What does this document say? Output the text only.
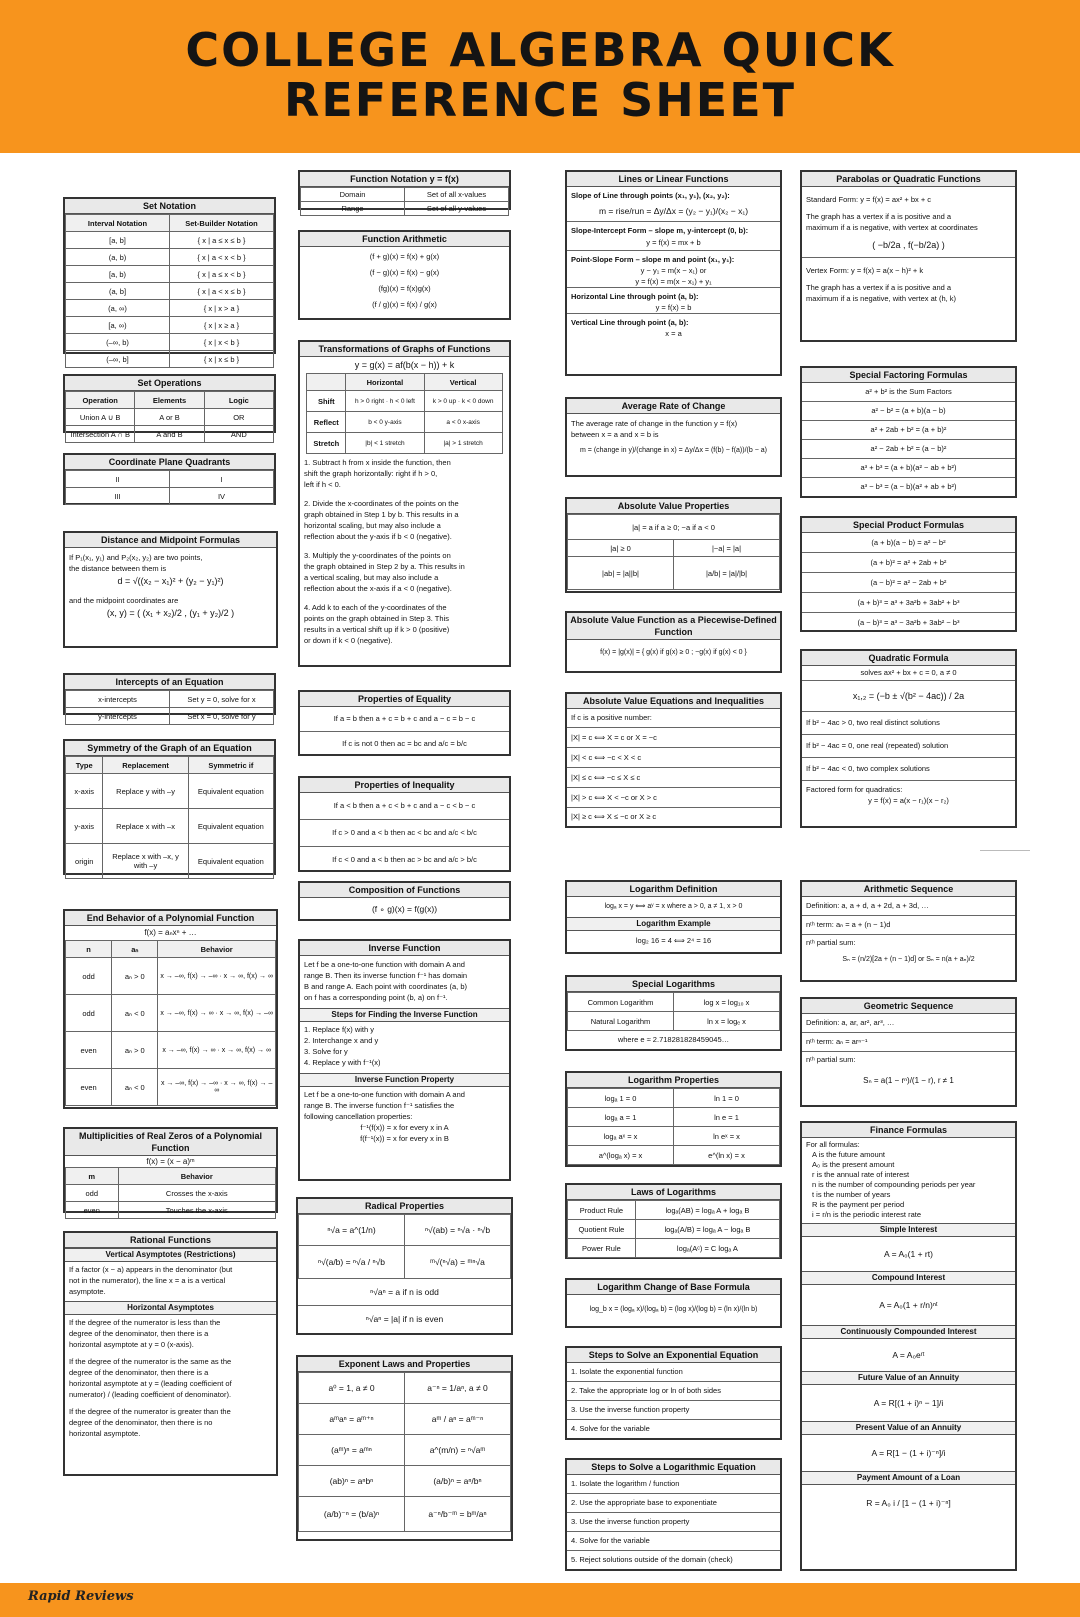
COLLEGE ALGEBRA QUICK
REFERENCE SHEET
Set Notation
Interval Notation	Set-Builder Notation
[a, b]	{ x | a ≤ x ≤ b }
(a, b)	{ x | a < x < b }
[a, b)	{ x | a ≤ x < b }
(a, b]	{ x | a < x ≤ b }
(a, ∞)	{ x | x > a }
[a, ∞)	{ x | x ≥ a }
(–∞, b)	{ x | x < b }
(–∞, b]	{ x | x ≤ b }
Set Operations
Operation	Elements	Logic
Union A ∪ B	A or B	OR
Intersection A ∩ B	A and B	AND
Coordinate Plane Quadrants
II	I
III	IV
Distance and Midpoint Formulas
If P₁(x₁, y₁) and P₂(x₂, y₂) are two points,
the distance between them is
d = √((x₂ − x₁)² + (y₂ − y₁)²)
and the midpoint coordinates are
(x, y) = ( (x₁ + x₂)/2 , (y₁ + y₂)/2 )
Intercepts of an Equation
x-intercepts	Set y = 0, solve for x
y-intercepts	Set x = 0, solve for y
Symmetry of the Graph of an Equation
Type	Replacement	Symmetric if
x-axis	Replace y with –y	Equivalent equation
y-axis	Replace x with –x	Equivalent equation
origin	Replace x with –x, y with –y	Equivalent equation
End Behavior of a Polynomial Function
f(x) = aₙxⁿ + …
n	aₙ	Behavior
odd	aₙ > 0	x → –∞, f(x) → –∞ · x → ∞, f(x) → ∞
odd	aₙ < 0	x → –∞, f(x) → ∞ · x → ∞, f(x) → –∞
even	aₙ > 0	x → –∞, f(x) → ∞ · x → ∞, f(x) → ∞
even	aₙ < 0	x → –∞, f(x) → –∞ · x → ∞, f(x) → –∞
Multiplicities of Real Zeros of a Polynomial Function
f(x) = (x − a)ᵐ
m	Behavior
odd	Crosses the x-axis
even	Touches the x-axis
Rational Functions
Vertical Asymptotes (Restrictions)
If a factor (x − a) appears in the denominator (but
not in the numerator), the line x = a is a vertical
asymptote.
Horizontal Asymptotes
If the degree of the numerator is less than the
degree of the denominator, then there is a
horizontal asymptote at y = 0 (x-axis).
If the degree of the numerator is the same as the
degree of the denominator, then there is a
horizontal asymptote at y = (leading coefficient of
numerator) / (leading coefficient of denominator).
If the degree of the numerator is greater than the
degree of the denominator, then there is no
horizontal asymptote.
Function Notation y = f(x)
Domain	Set of all x-values
Range	Set of all y-values
Function Arithmetic
(f + g)(x) = f(x) + g(x)
(f − g)(x) = f(x) − g(x)
(fg)(x) = f(x)g(x)
(f / g)(x) = f(x) / g(x)
Transformations of Graphs of Functions
y = g(x) = af(b(x − h)) + k
	Horizontal	Vertical
Shift	h > 0 right · h < 0 left	k > 0 up · k < 0 down
Reflect	b < 0 y-axis	a < 0 x-axis
Stretch	|b| < 1 stretch	|a| > 1 stretch
1. Subtract h from x inside the function, then
shift the graph horizontally: right if h > 0,
left if h < 0.
2. Divide the x-coordinates of the points on the
graph obtained in Step 1 by b. This results in a
horizontal scaling, but may also include a
reflection about the y-axis if b < 0 (negative).
3. Multiply the y-coordinates of the points on
the graph obtained in Step 2 by a. This results in
a vertical scaling, but may also include a
reflection about the x-axis if a < 0 (negative).
4. Add k to each of the y-coordinates of the
points on the graph obtained in Step 3. This
results in a vertical shift up if k > 0 (positive)
or down if k < 0 (negative).
Properties of Equality
If a = b then a + c = b + c and a − c = b − c
If c is not 0 then ac = bc and a/c = b/c
Properties of Inequality
If a < b then a + c < b + c and a − c < b − c
If c > 0 and a < b then ac < bc and a/c < b/c
If c < 0 and a < b then ac > bc and a/c > b/c
Composition of Functions
(f ∘ g)(x) = f(g(x))
Inverse Function
Let f be a one-to-one function with domain A and
range B. Then its inverse function f⁻¹ has domain
B and range A. Each point with coordinates (a, b)
on f has a corresponding point (b, a) on f⁻¹.
Steps for Finding the Inverse Function
1. Replace f(x) with y
2. Interchange x and y
3. Solve for y
4. Replace y with f⁻¹(x)
Inverse Function Property
Let f be a one-to-one function with domain A and
range B. The inverse function f⁻¹ satisfies the
following cancellation properties:
f⁻¹(f(x)) = x for every x in A
f(f⁻¹(x)) = x for every x in B
Radical Properties
ⁿ√a = a^(1/n)	ⁿ√(ab) = ⁿ√a · ⁿ√b
ⁿ√(a/b) = ⁿ√a / ⁿ√b	ᵐ√(ⁿ√a) = ᵐⁿ√a
ⁿ√aⁿ = a if n is odd
ⁿ√aⁿ = |a| if n is even
Exponent Laws and Properties
a⁰ = 1, a ≠ 0	a⁻ⁿ = 1/aⁿ, a ≠ 0
aᵐaⁿ = aᵐ⁺ⁿ	aᵐ / aⁿ = aᵐ⁻ⁿ
(aᵐ)ⁿ = aᵐⁿ	a^(m/n) = ⁿ√aᵐ
(ab)ⁿ = aⁿbⁿ	(a/b)ⁿ = aⁿ/bⁿ
(a/b)⁻ⁿ = (b/a)ⁿ	a⁻ⁿ/b⁻ᵐ = bᵐ/aⁿ
Lines or Linear Functions
Slope of Line through points (x₁, y₁), (x₂, y₂):
m = rise/run = Δy/Δx = (y₂ − y₁)/(x₂ − x₁)
Slope-Intercept Form – slope m, y-intercept (0, b):
y = f(x) = mx + b
Point-Slope Form – slope m and point (x₁, y₁):
y − y₁ = m(x − x₁) or
y = f(x) = m(x − x₁) + y₁
Horizontal Line through point (a, b):
y = f(x) = b
Vertical Line through point (a, b):
x = a
Average Rate of Change
The average rate of change in the function y = f(x)
between x = a and x = b is
m = (change in y)/(change in x) = Δy/Δx = (f(b) − f(a))/(b − a)
Absolute Value Properties
|a| = a if a ≥ 0; −a if a < 0	
|a| ≥ 0	|−a| = |a|
|ab| = |a||b|	|a/b| = |a|/|b|
Absolute Value Function as a Piecewise-Defined Function
f(x) = |g(x)| = { g(x) if g(x) ≥ 0 ; −g(x) if g(x) < 0 }
Absolute Value Equations and Inequalities
If c is a positive number:
|X| = c ⟺ X = c or X = −c
|X| < c ⟺ −c < X < c
|X| ≤ c ⟺ −c ≤ X ≤ c
|X| > c ⟺ X < −c or X > c
|X| ≥ c ⟺ X ≤ −c or X ≥ c
Logarithm Definition
logₐ x = y ⟺ aʸ = x where a > 0, a ≠ 1, x > 0
Logarithm Example
log₂ 16 = 4 ⟺ 2⁴ = 16
Special Logarithms
Common Logarithm	log x = log₁₀ x
Natural Logarithm	ln x = logₑ x
where e ≈ 2.718281828459045…
Logarithm Properties
logₐ 1 = 0	ln 1 = 0
logₐ a = 1	ln e = 1
logₐ aˣ = x	ln eˣ = x
a^(logₐ x) = x	e^(ln x) = x
Laws of Logarithms
Product Rule	logₐ(AB) = logₐ A + logₐ B
Quotient Rule	logₐ(A/B) = logₐ A − logₐ B
Power Rule	logₐ(Aᶜ) = C logₐ A
Logarithm Change of Base Formula
log_b x = (logₐ x)/(logₐ b) = (log x)/(log b) = (ln x)/(ln b)
Steps to Solve an Exponential Equation
1. Isolate the exponential function
2. Take the appropriate log or ln of both sides
3. Use the inverse function property
4. Solve for the variable
Steps to Solve a Logarithmic Equation
1. Isolate the logarithm / function
2. Use the appropriate base to exponentiate
3. Use the inverse function property
4. Solve for the variable
5. Reject solutions outside of the domain (check)
Parabolas or Quadratic Functions
Standard Form: y = f(x) = ax² + bx + c
The graph has a vertex if a is positive and a
maximum if a is negative, with vertex at coordinates
( −b/2a , f(−b/2a) )
Vertex Form: y = f(x) = a(x − h)² + k
The graph has a vertex if a is positive and a
maximum if a is negative, with vertex at (h, k)
Special Factoring Formulas
a² + b² is the Sum Factors
a² − b² = (a + b)(a − b)
a² + 2ab + b² = (a + b)²
a² − 2ab + b² = (a − b)²
a³ + b³ = (a + b)(a² − ab + b²)
a³ − b³ = (a − b)(a² + ab + b²)
Special Product Formulas
(a + b)(a − b) = a² − b²
(a + b)² = a² + 2ab + b²
(a − b)² = a² − 2ab + b²
(a + b)³ = a³ + 3a²b + 3ab² + b³
(a − b)³ = a³ − 3a²b + 3ab² − b³
Quadratic Formula
solves ax² + bx + c = 0, a ≠ 0
x₁,₂ = (−b ± √(b² − 4ac)) / 2a
If b² − 4ac > 0, two real distinct solutions
If b² − 4ac = 0, one real (repeated) solution
If b² − 4ac < 0, two complex solutions
Factored form for quadratics:
y = f(x) = a(x − r₁)(x − r₂)
Arithmetic Sequence
Definition: a, a + d, a + 2d, a + 3d, …
nᵗʰ term: aₙ = a + (n − 1)d
nᵗʰ partial sum:
Sₙ = (n/2)[2a + (n − 1)d] or Sₙ = n(a + aₙ)/2
Geometric Sequence
Definition: a, ar, ar², ar³, …
nᵗʰ term: aₙ = arⁿ⁻¹
nᵗʰ partial sum:
Sₙ = a(1 − rⁿ)/(1 − r), r ≠ 1
Finance Formulas
For all formulas:
A is the future amount
A₀ is the present amount
r is the annual rate of interest
n is the number of compounding periods per year
t is the number of years
R is the payment per period
i = r/n is the periodic interest rate
Simple Interest
A = A₀(1 + rt)
Compound Interest
A = A₀(1 + r/n)ⁿᵗ
Continuously Compounded Interest
A = A₀eʳᵗ
Future Value of an Annuity
A = R[(1 + i)ⁿ − 1]/i
Present Value of an Annuity
A = R[1 − (1 + i)⁻ⁿ]/i
Payment Amount of a Loan
R = A₀ i / [1 − (1 + i)⁻ⁿ]
Rapid Reviews
